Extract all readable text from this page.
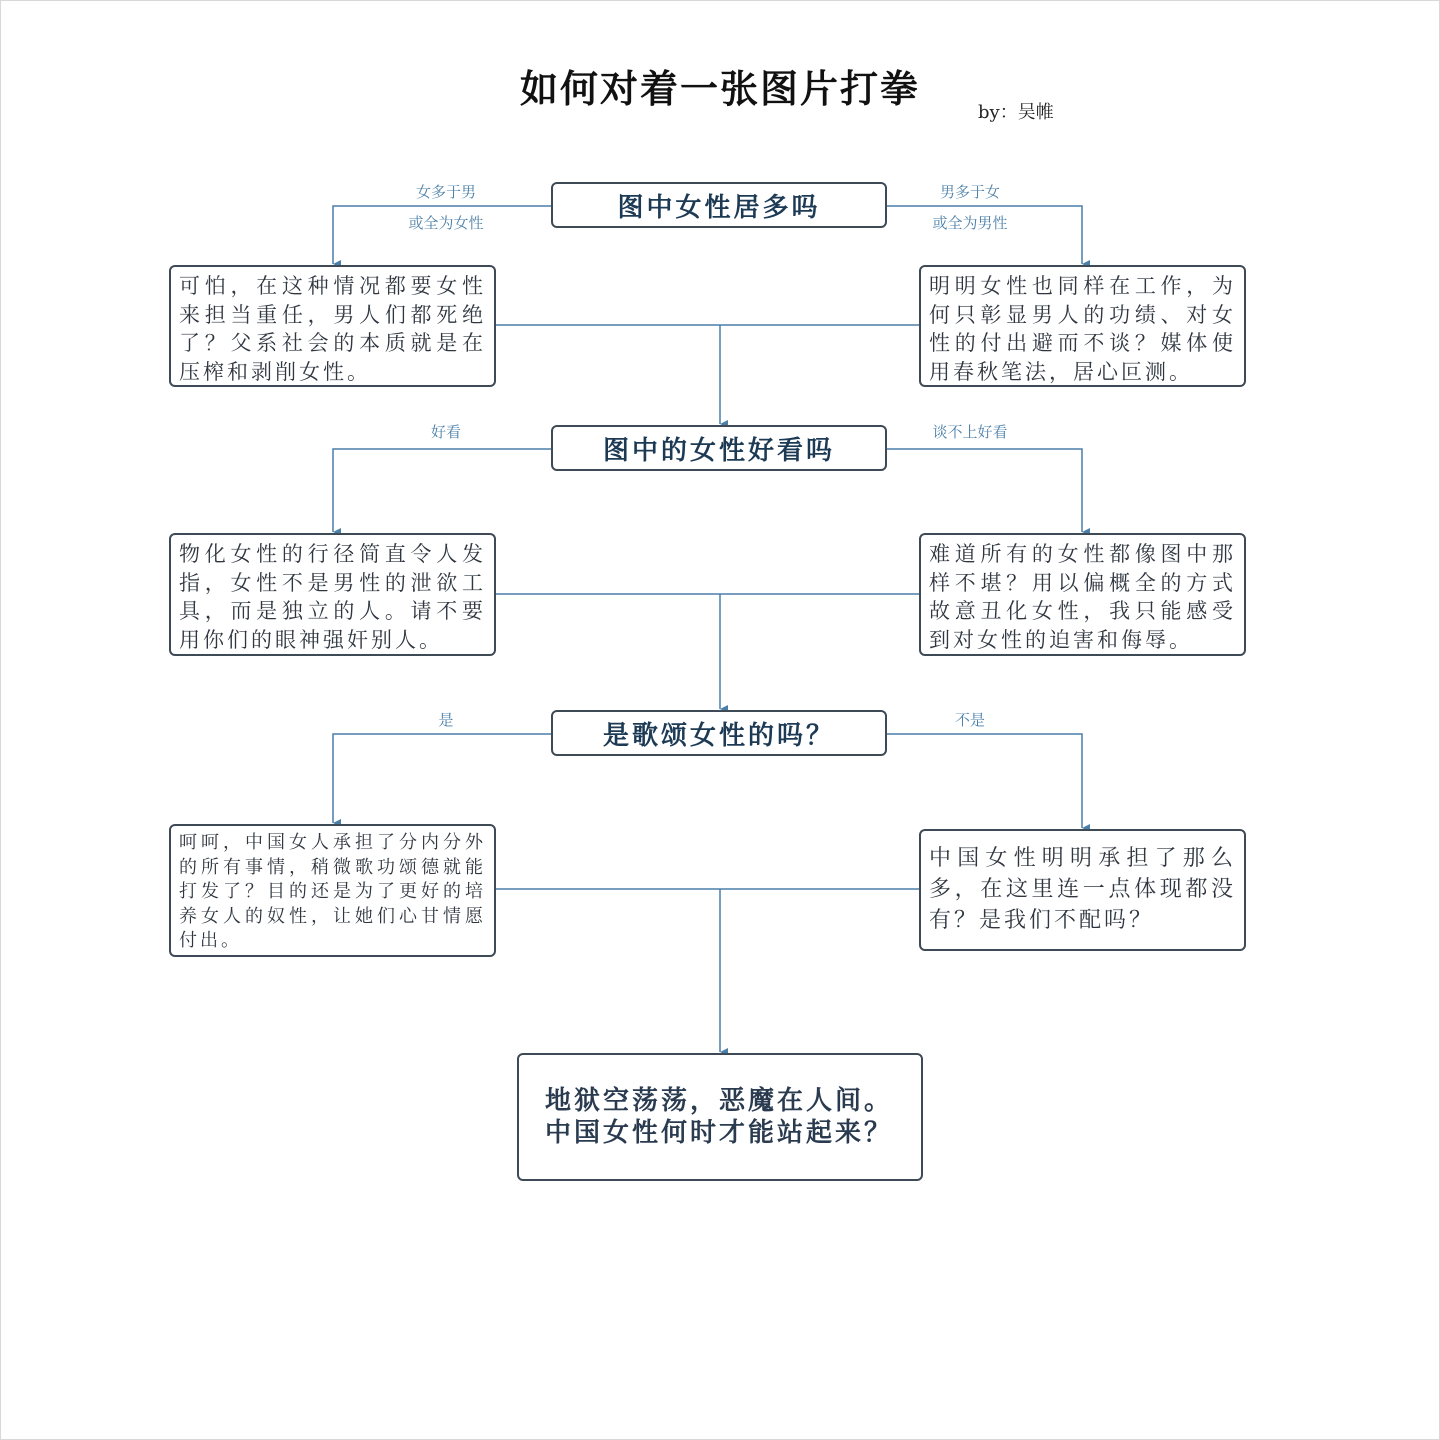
如何对着一张图片打拳
by：吴帷
女多于男
或全为女性
男多于女
或全为男性
图中女性居多吗
可怕，在这种情况都要女性来担当重任，男人们都死绝了？父系社会的本质就是在压榨和剥削女性。
明明女性也同样在工作，为何只彰显男人的功绩、对女性的付出避而不谈？媒体使用春秋笔法，居心叵测。
好看	谈不上好看
图中的女性好看吗
物化女性的行径简直令人发指，女性不是男性的泄欲工具，而是独立的人。请不要用你们的眼神强奸别人。
难道所有的女性都像图中那样不堪？用以偏概全的方式故意丑化女性，我只能感受到对女性的迫害和侮辱。
是	不是
是歌颂女性的吗？
呵呵，中国女人承担了分内分外的所有事情，稍微歌功颂德就能打发了？目的还是为了更好的培养女人的奴性，让她们心甘情愿付出。
中国女性明明承担了那么多，在这里连一点体现都没有？是我们不配吗？
地狱空荡荡，恶魔在人间。
中国女性何时才能站起来？
